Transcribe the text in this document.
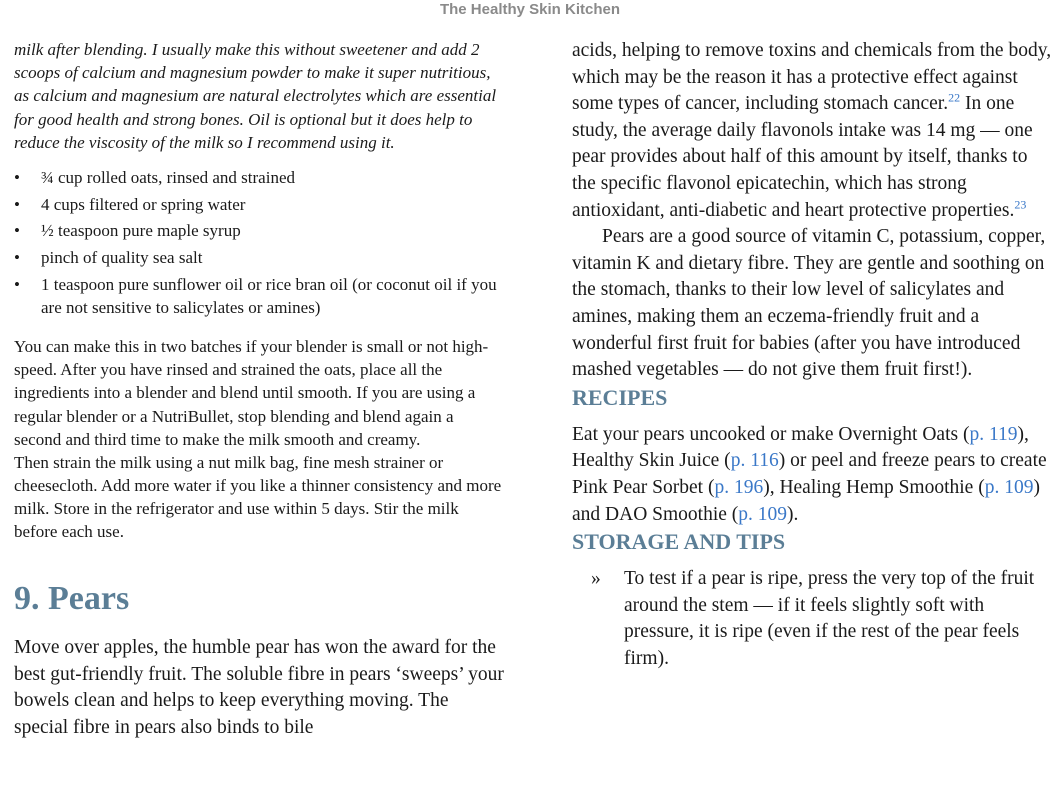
The Healthy Skin Kitchen

milk after blending. I usually make this without sweetener and add 2 scoops of calcium and magnesium powder to make it super nutritious, as calcium and magnesium are natural electrolytes which are essential for good health and strong bones. Oil is optional but it does help to reduce the viscosity of the milk so I recommend using it.

• ¾ cup rolled oats, rinsed and strained
• 4 cups filtered or spring water
• ½ teaspoon pure maple syrup
• pinch of quality sea salt
• 1 teaspoon pure sunflower oil or rice bran oil (or coconut oil if you are not sensitive to salicylates or amines)

You can make this in two batches if your blender is small or not high-speed. After you have rinsed and strained the oats, place all the ingredients into a blender and blend until smooth. If you are using a regular blender or a NutriBullet, stop blending and blend again a second and third time to make the milk smooth and creamy.

Then strain the milk using a nut milk bag, fine mesh strainer or cheesecloth. Add more water if you like a thinner consistency and more milk. Store in the refrigerator and use within 5 days. Stir the milk before each use.

9. Pears

Move over apples, the humble pear has won the award for the best gut-friendly fruit. The soluble fibre in pears ‘sweeps’ your bowels clean and helps to keep everything moving. The special fibre in pears also binds to bile

acids, helping to remove toxins and chemicals from the body, which may be the reason it has a protective effect against some types of cancer, including stomach cancer.$^{22}$ In one study, the average daily flavonols intake was 14 mg — one pear provides about half of this amount by itself, thanks to the specific flavonol epicatechin, which has strong antioxidant, anti-diabetic and heart protective properties.$^{23}$

Pears are a good source of vitamin C, potassium, copper, vitamin K and dietary fibre. They are gentle and soothing on the stomach, thanks to their low level of salicylates and amines, making them an eczema-friendly fruit and a wonderful first fruit for babies (after you have introduced mashed vegetables — do not give them fruit first!).

RECIPES

Eat your pears uncooked or make Overnight Oats (p. 119), Healthy Skin Juice (p. 116) or peel and freeze pears to create Pink Pear Sorbet (p. 196), Healing Hemp Smoothie (p. 109) and DAO Smoothie (p. 109).

STORAGE AND TIPS
» To test if a pear is ripe, press the very top of the fruit around the stem — if it feels slightly soft with pressure, it is ripe (even if the rest of the pear feels firm).
